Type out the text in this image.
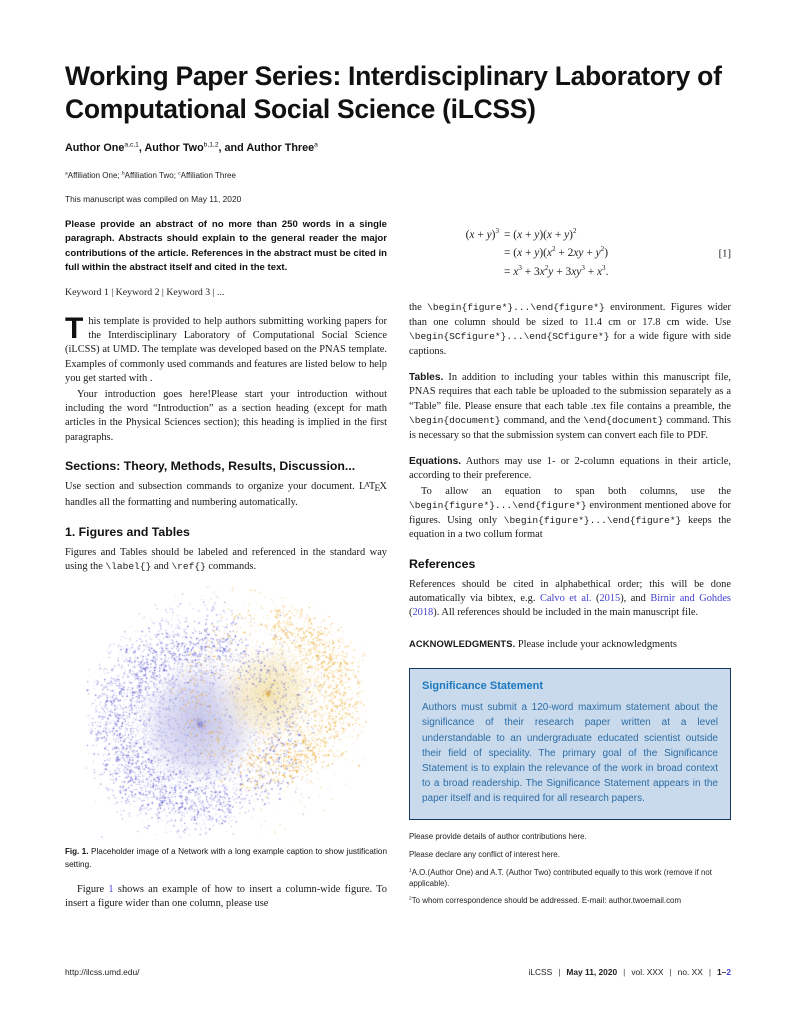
Working Paper Series: Interdisciplinary Laboratory of Computational Social Science (iLCSS)
Author One$^{a,c,1}$, Author Two$^{b,1,2}$, and Author Three$^a$
$^a$Affiliation One; $^b$Affiliation Two; $^c$Affiliation Three
This manuscript was compiled on May 11, 2020
Please provide an abstract of no more than 250 words in a single paragraph. Abstracts should explain to the general reader the major contributions of the article. References in the abstract must be cited in full within the abstract itself and cited in the text.
Keyword 1 | Keyword 2 | Keyword 3 | ...

This template is provided to help authors submitting working papers for the Interdisciplinary Laboratory of Computational Social Science (iLCSS) at UMD. The template was developed based on the PNAS template. Examples of commonly used commands and features are listed below to help you get started with .

Your introduction goes here!Please start your introduction without including the word “Introduction” as a section heading (except for math articles in the Physical Sciences section); this heading is implied in the first paragraphs.

Sections: Theory, Methods, Results, Discussion...

Use section and subsection commands to organize your document. LATEX handles all the formatting and numbering automatically.

1. Figures and Tables

Figures and Tables should be labeled and referenced in the standard way using the \label{} and \ref{} commands.

Fig. 1. Placeholder image of a Network with a long example caption to show justification setting.

Figure 1 shows an example of how to insert a column-wide figure. To insert a figure wider than one column, please use

$(x + y)^3 = (x + y)(x + y)^2$
= $(x + y)(x^2 + 2xy + y^2)$
= $x^3 + 3x^2y + 3xy^3 + x^3$.
[1]

the \begin{figure*}...\end{figure*} environment. Figures wider than one column should be sized to 11.4 cm or 17.8 cm wide. Use \begin{SCfigure*}...\end{SCfigure*} for a wide figure with side captions.

Tables. In addition to including your tables within this manuscript file, PNAS requires that each table be uploaded to the submission separately as a “Table” file. Please ensure that each table .tex file contains a preamble, the \begin{document} command, and the \end{document} command. This is necessary so that the submission system can convert each file to PDF.

Equations. Authors may use 1- or 2-column equations in their article, according to their preference.

To allow an equation to span both columns, use the \begin{figure*}...\end{figure*} environment mentioned above for figures. Using only \begin{figure*}...\end{figure*} keeps the equation in a two collum format

References

References should be cited in alphabethical order; this will be done automatically via bibtex, e.g. Calvo et al. (2015), and Birnir and Gohdes (2018). All references should be included in the main manuscript file.

ACKNOWLEDGMENTS. Please include your acknowledgments

Significance Statement
Authors must submit a 120-word maximum statement about the significance of their research paper written at a level understandable to an undergraduate educated scientist outside their field of speciality. The primary goal of the Significance Statement is to explain the relevance of the work in broad context to a broad readership. The Significance Statement appears in the paper itself and is required for all research papers.
Please provide details of author contributions here.
Please declare any conflict of interest here.
$^1$A.O.(Author One) and A.T. (Author Two) contributed equally to this work (remove if not applicable).
$^2$To whom correspondence should be addressed. E-mail: author.twoemail.com
http://ilcss.umd.edu/	iLCSS | May 11, 2020 | vol. XXX | no. XX | 1–2
